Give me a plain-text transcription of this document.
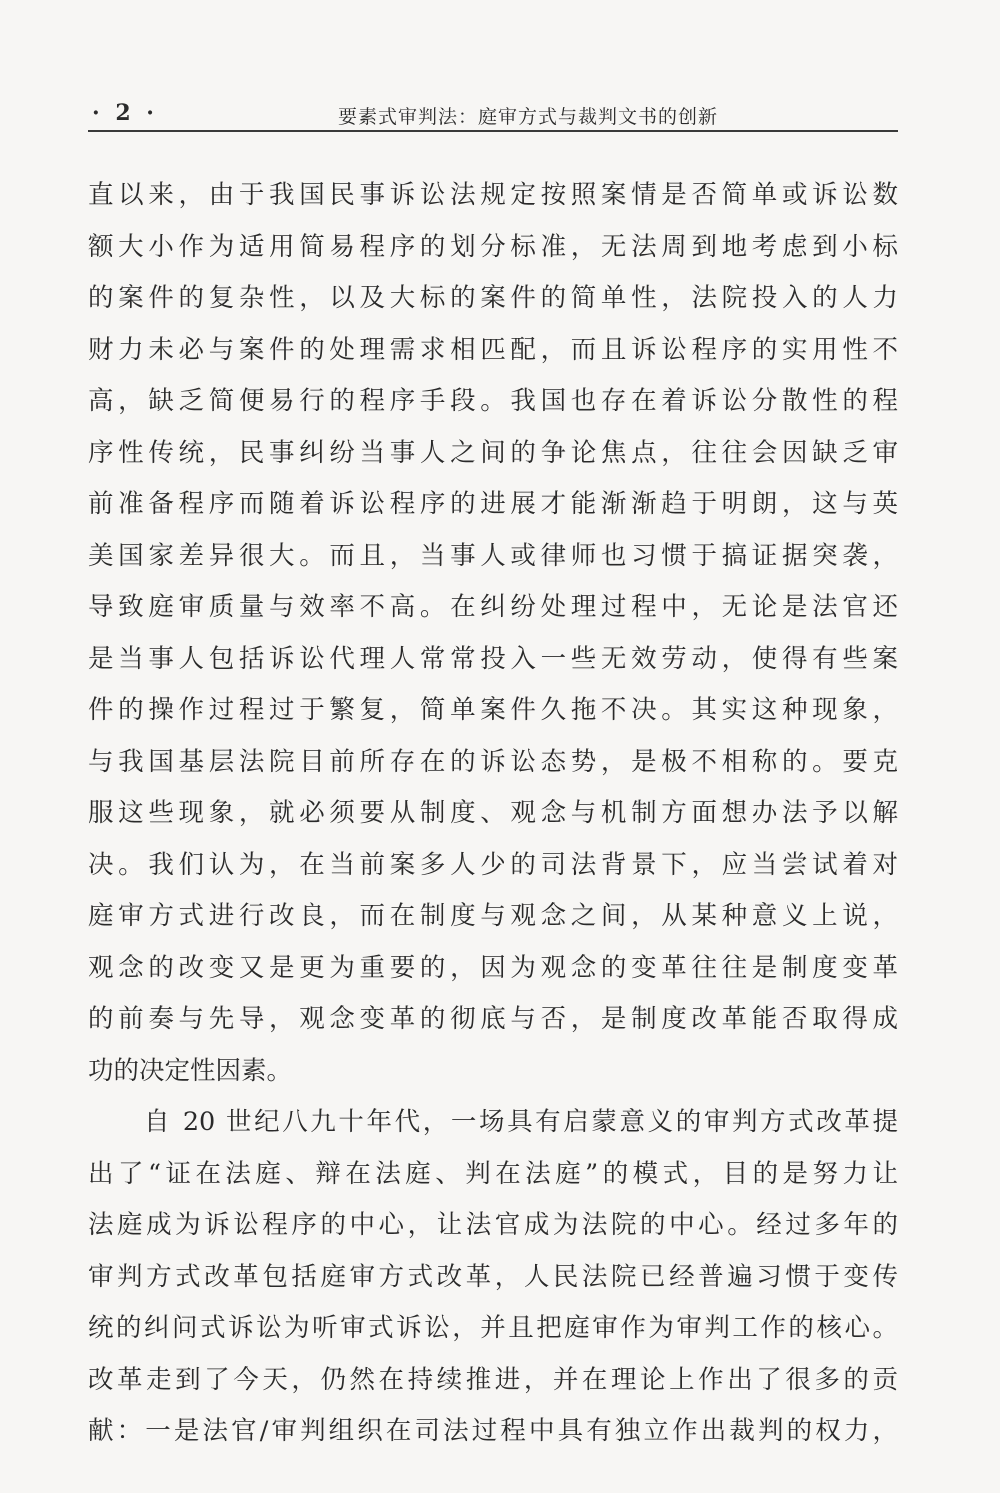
· 2 ·	要素式审判法：庭审方式与裁判文书的创新
直以来，由于我国民事诉讼法规定按照案情是否简单或诉讼数
额大小作为适用简易程序的划分标准，无法周到地考虑到小标
的案件的复杂性，以及大标的案件的简单性，法院投入的人力
财力未必与案件的处理需求相匹配，而且诉讼程序的实用性不
高，缺乏简便易行的程序手段。我国也存在着诉讼分散性的程
序性传统，民事纠纷当事人之间的争论焦点，往往会因缺乏审
前准备程序而随着诉讼程序的进展才能渐渐趋于明朗，这与英
美国家差异很大。而且，当事人或律师也习惯于搞证据突袭，
导致庭审质量与效率不高。在纠纷处理过程中，无论是法官还
是当事人包括诉讼代理人常常投入一些无效劳动，使得有些案
件的操作过程过于繁复，简单案件久拖不决。其实这种现象，
与我国基层法院目前所存在的诉讼态势，是极不相称的。要克
服这些现象，就必须要从制度、观念与机制方面想办法予以解
决。我们认为，在当前案多人少的司法背景下，应当尝试着对
庭审方式进行改良，而在制度与观念之间，从某种意义上说，
观念的改变又是更为重要的，因为观念的变革往往是制度变革
的前奏与先导，观念变革的彻底与否，是制度改革能否取得成
功的决定性因素。
自 20 世纪八九十年代，一场具有启蒙意义的审判方式改革提
出了“证在法庭、辩在法庭、判在法庭”的模式，目的是努力让
法庭成为诉讼程序的中心，让法官成为法院的中心。经过多年的
审判方式改革包括庭审方式改革，人民法院已经普遍习惯于变传
统的纠问式诉讼为听审式诉讼，并且把庭审作为审判工作的核心。
改革走到了今天，仍然在持续推进，并在理论上作出了很多的贡
献：一是法官/审判组织在司法过程中具有独立作出裁判的权力，
